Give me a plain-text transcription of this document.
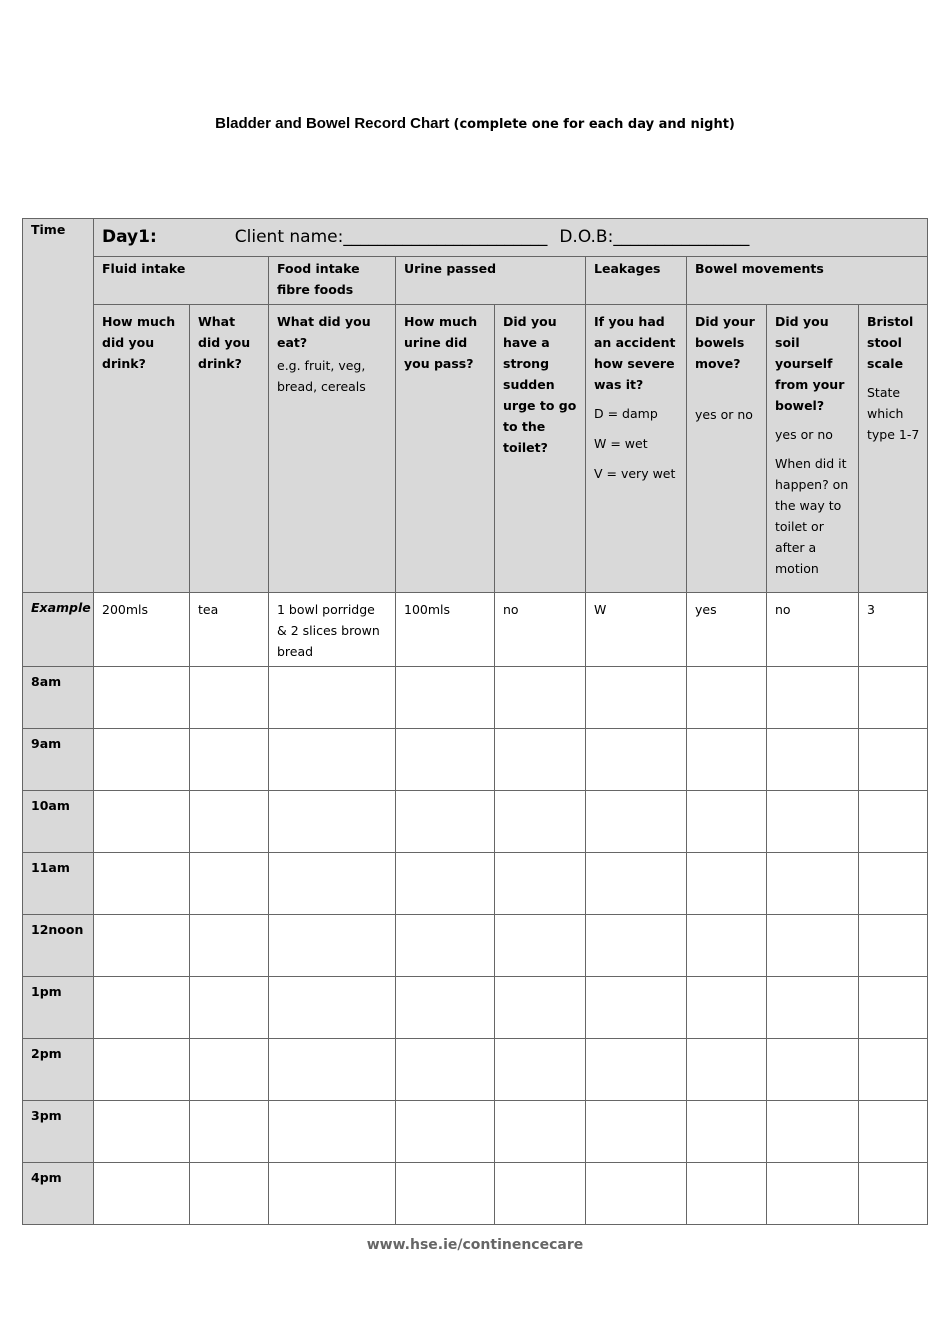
Bladder and Bowel Record Chart (complete one for each day and night)
Time	Day1: Client name:________________________ D.O.B:________________								

	Fluid intake		Food intake fibre foods	Urine passed		Leakages	Bowel movements		

	How much did you drink?	What did you drink?	What did you eat?
e.g. fruit, veg, bread, cereals	How much urine did you pass?	Did you have a strong sudden urge to go to the toilet?	If you had an accident how severe was it?
D = damp
W = wet
V = very wet	Did your bowels move?
yes or no	Did you soil yourself from your bowel?
yes or no
When did it happen? on the way to toilet or after a motion	Bristol stool scale
State which type 1-7

Example	200mls	tea	1 bowl porridge & 2 slices brown bread	100mls	no	W	yes	no	3
8am									
9am									
10am									
11am									
12noon									
1pm									
2pm									
3pm									
4pm									
www.hse.ie/continencecare
